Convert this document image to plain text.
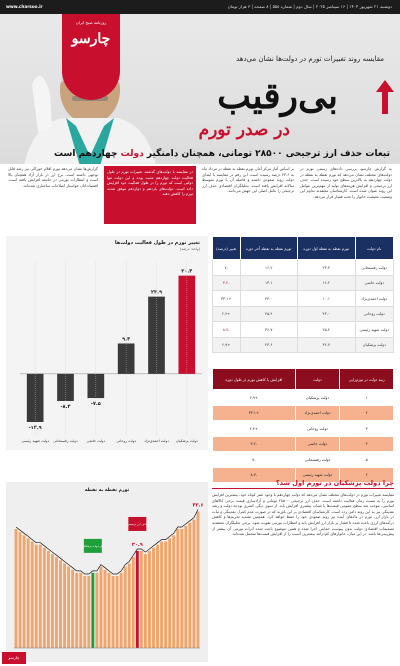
www.charsoo.ir	دوشنبه ۲۱ شهریور ۱۴۰۴ | ۱۶ سپتامبر ۲۰۲۵ | سال دوم | شماره ۵۵۸ | ۸ صفحه | ۳ هزار تومان
روزنامه صبح ایران
چارسو
مقایسه روند تغییرات تورم در دولت‌ها نشان می‌دهد
بی‌رقیب
در صدر تورم
تبعات حذف ارز ترجیحی ۲۸۵۰۰ تومانی، همچنان دامنگیر دولت چهاردهم است
به گزارش چارسو، بررسی داده‌های رسمی تورم در دولت‌های مختلف نشان می‌دهد که تورم نقطه به نقطه در دولت چهاردهم به بالاترین سطح خود رسیده است. حذف ارز ترجیحی و افزایش هزینه‌های تولید از مهم‌ترین عوامل این روند عنوان شده است. کارشناسان معتقدند تداوم این وضعیت معیشت خانوار را تحت فشار قرار می‌دهد.
بر اساس آمار مرکز آمار، تورم نقطه به نقطه در مرداد ماه به ۴۳.۶ درصد رسیده است. این رقم در مقایسه با ابتدای دولت روند صعودی داشته و فاصله آن با تورم متوسط سالانه افزایش یافته است. تحلیلگران اقتصادی حذف ارز ترجیحی را عامل اصلی این جهش می‌دانند.
در مقایسه با دولت‌های گذشته، تغییرات تورم در طول فعالیت دولت چهاردهم مثبت بوده و این دولت تنها دولتی است که تورم را در طول فعالیت خود افزایش داده است. دولت‌های یازدهم و دوازدهم موفق شدند تورم را کاهش دهند.
گزارش‌ها نشان می‌دهد تورم اقلام خوراکی نیز رشد قابل توجهی داشته است. نرخ ارز در بازار آزاد همچنان بالا است و انتظارات تورمی در جامعه افزایش یافته است. اقتصاددانان خواستار اصلاحات ساختاری شده‌اند.
تغییر تورم در طول فعالیت دولت‌ها
(واحد: درصد)
۳۰.۴
دولت پزشکیان
۲۳.۹
دولت احمدی‌نژاد
۹.۴
دولت روحانی
-۷.۵
دولت خاتمی
-۸.۴
دولت رفسنجانی
-۱۴.۹
دولت شهید رئیسی
نام دولت	تورم نقطه به نقطه اول دوره	تورم نقطه به نقطه آخر دوره	تغییر (درصد)
دولت رفسنجانی	۲۳.۳	۱۶.۲	-۷
دولت خاتمی	۱۶.۲	۱۳.۱	-۳.۲
دولت احمدی‌نژاد	۱۰.۱	۴۳.۰	+۳۳.۱
دولت روحانی	۴۳.۰	۴۵.۴	+۲.۴
دولت شهید رئیسی	۴۵.۴	۳۶.۷	-۸.۷
دولت پزشکیان	۳۶.۷	۴۳.۶	+۶.۹
رتبه دولت در تورم‌زایی	دولت	افزایش یا کاهش تورم در طول دوره
۱	دولت پزشکیان	+۶.۹
۲	دولت احمدی‌نژاد	+۳۳.۱
۳	دولت روحانی	+۲.۴
۴	دولت خاتمی	-۳.۲
۵	دولت رفسنجانی	-۷
۶	دولت شهید رئیسی	-۸.۷
چرا دولت پزشکیان در تورم اول شد؟
مقایسه تغییرات تورم در دولت‌های مختلف نشان می‌دهد که دولت چهاردهم با وجود عمر کوتاه خود، بیشترین افزایش تورم را به نسبت زمان فعالیت داشته است. حذف ارز ترجیحی ۲۸۵۰۰ تومانی و آزادسازی قیمت برخی کالاهای اساسی، موجب شد سطح عمومی قیمت‌ها با شتاب بیشتری افزایش یابد. از سوی دیگر، کسری بودجه دولت و رشد نقدینگی نیز به این روند دامن زده است. کارشناسان اقتصادی بر این باورند که در صورت عدم کنترل نقدینگی و ثبات در بازار ارز، تورم در ماه‌های آینده نیز روند صعودی خود را حفظ خواهد کرد. همچنین تشدید تحریم‌ها و کاهش درآمدهای ارزی باعث شده تا فشار بر بازار ارز افزایش یابد و انتظارات تورمی تقویت شود. برخی تحلیلگران معتقدند تصمیمات اقتصادی دولت بدون پیوست حمایتی اجرا شده و همین موضوع باعث شده اثرات تورمی آن بیشتر از پیش‌بینی‌ها باشد. در این میان، خانوارهای کم‌درآمد بیشترین آسیب را از افزایش قیمت‌ها متحمل شده‌اند.
تورم نقطه به نقطه
آغاز دولت پزشکیان
حذف ارز ترجیحی
۳۰.۹
۴۳.۶
چارسو
